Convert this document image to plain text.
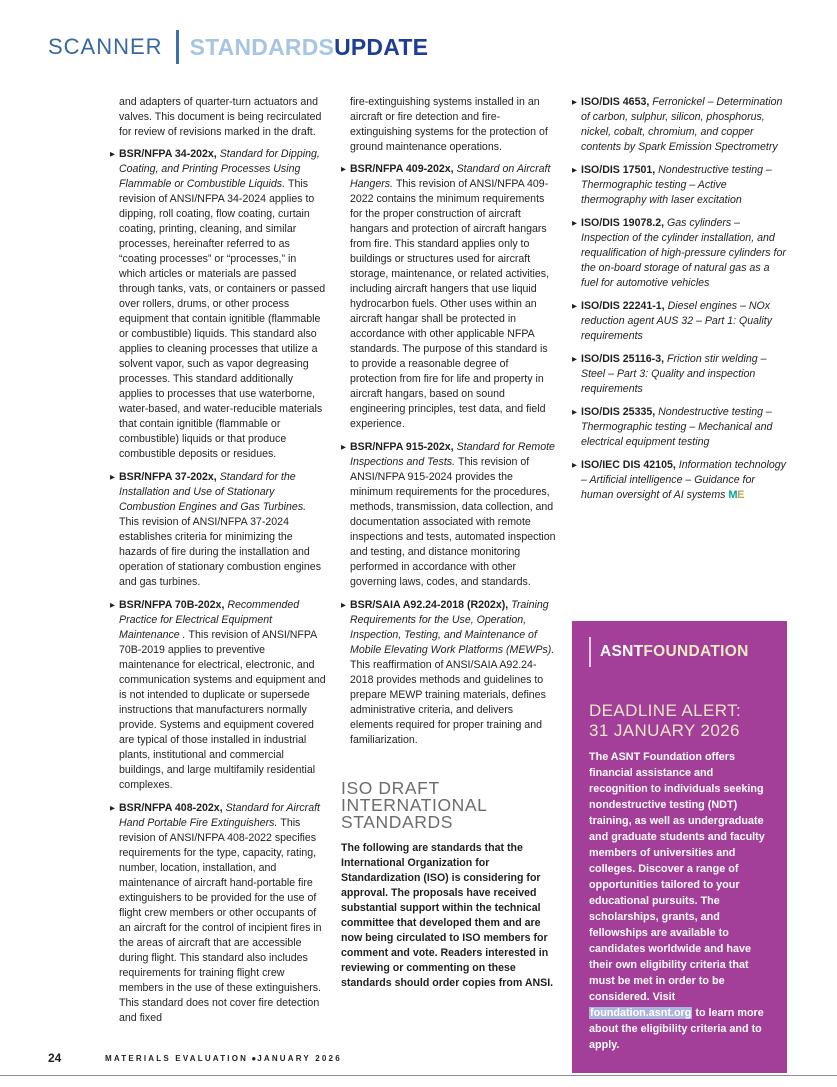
SCANNER STANDARDSUPDATE

and adapters of quarter-turn actuators and valves. This document is being recirculated for review of revisions marked in the draft.

▶ BSR/NFPA 34-202x, Standard for Dipping, Coating, and Printing Processes Using Flammable or Combustible Liquids. This revision of ANSI/NFPA 34-2024 applies to dipping, roll coating, flow coating, curtain coating, printing, cleaning, and similar processes, hereinafter referred to as “coating processes” or “processes,” in which articles or materials are passed through tanks, vats, or containers or passed over rollers, drums, or other process equipment that contain ignitible (flammable or combustible) liquids. This standard also applies to cleaning processes that utilize a solvent vapor, such as vapor degreasing processes. This standard additionally applies to processes that use waterborne, water-based, and water-reducible materials that contain ignitible (flammable or combustible) liquids or that produce combustible deposits or residues.

▶ BSR/NFPA 37-202x, Standard for the Installation and Use of Stationary Combustion Engines and Gas Turbines. This revision of ANSI/NFPA 37-2024 establishes criteria for minimizing the hazards of fire during the installation and operation of stationary combustion engines and gas turbines.

▶ BSR/NFPA 70B-202x, Recommended Practice for Electrical Equipment Maintenance . This revision of ANSI/NFPA 70B-2019 applies to preventive maintenance for electrical, electronic, and communication systems and equipment and is not intended to duplicate or supersede instructions that manufacturers normally provide. Systems and equipment covered are typical of those installed in industrial plants, institutional and commercial buildings, and large multifamily residential complexes.

▶ BSR/NFPA 408-202x, Standard for Aircraft Hand Portable Fire Extinguishers. This revision of ANSI/NFPA 408-2022 specifies requirements for the type, capacity, rating, number, location, installation, and maintenance of aircraft hand-portable fire extinguishers to be provided for the use of flight crew members or other occupants of an aircraft for the control of incipient fires in the areas of aircraft that are accessible during flight. This standard also includes requirements for training flight crew members in the use of these extinguishers. This standard does not cover fire detection and fixed

fire-extinguishing systems installed in an aircraft or fire detection and fire-extinguishing systems for the protection of ground maintenance operations.

▶ BSR/NFPA 409-202x, Standard on Aircraft Hangers. This revision of ANSI/NFPA 409-2022 contains the minimum requirements for the proper construction of aircraft hangars and protection of aircraft hangars from fire. This standard applies only to buildings or structures used for aircraft storage, maintenance, or related activities, including aircraft hangers that use liquid hydrocarbon fuels. Other uses within an aircraft hangar shall be protected in accordance with other applicable NFPA standards. The purpose of this standard is to provide a reasonable degree of protection from fire for life and property in aircraft hangars, based on sound engineering principles, test data, and field experience.

▶ BSR/NFPA 915-202x, Standard for Remote Inspections and Tests. This revision of ANSI/NFPA 915-2024 provides the minimum requirements for the procedures, methods, transmission, data collection, and documentation associated with remote inspections and tests, automated inspection and testing, and distance monitoring performed in accordance with other governing laws, codes, and standards.

▶ BSR/SAIA A92.24-2018 (R202x), Training Requirements for the Use, Operation, Inspection, Testing, and Maintenance of Mobile Elevating Work Platforms (MEWPs). This reaffirmation of ANSI/SAIA A92.24-2018 provides methods and guidelines to prepare MEWP training materials, defines administrative criteria, and delivers elements required for proper training and familiarization.

ISO DRAFT
INTERNATIONAL
STANDARDS

The following are standards that the International Organization for Standardization (ISO) is considering for approval. The proposals have received substantial support within the technical committee that developed them and are now being circulated to ISO members for comment and vote. Readers interested in reviewing or commenting on these standards should order copies from ANSI.

▶ ISO/DIS 4653, Ferronickel – Determination of carbon, sulphur, silicon, phosphorus, nickel, cobalt, chromium, and copper contents by Spark Emission Spectrometry

▶ ISO/DIS 17501, Nondestructive testing – Thermographic testing – Active thermography with laser excitation

▶ ISO/DIS 19078.2, Gas cylinders – Inspection of the cylinder installation, and requalification of high-pressure cylinders for the on-board storage of natural gas as a fuel for automotive vehicles

▶ ISO/DIS 22241-1, Diesel engines – NOx reduction agent AUS 32 – Part 1: Quality requirements

▶ ISO/DIS 25116-3, Friction stir welding – Steel – Part 3: Quality and inspection requirements

▶ ISO/DIS 25335, Nondestructive testing – Thermographic testing – Mechanical and electrical equipment testing

▶ ISO/IEC DIS 42105, Information technology – Artificial intelligence – Guidance for human oversight of AI systems ME

ASNTFOUNDATION
DEADLINE ALERT:
31 JANUARY 2026

The ASNT Foundation offers financial assistance and recognition to individuals seeking nondestructive testing (NDT) training, as well as undergraduate and graduate students and faculty members of universities and colleges. Discover a range of opportunities tailored to your educational pursuits. The scholarships, grants, and fellowships are available to candidates worldwide and have their own eligibility criteria that must be met in order to be considered. Visit foundation.asnt.org to learn more about the eligibility criteria and to apply.

24	MATERIALS EVALUATION ●JANUARY 2026
